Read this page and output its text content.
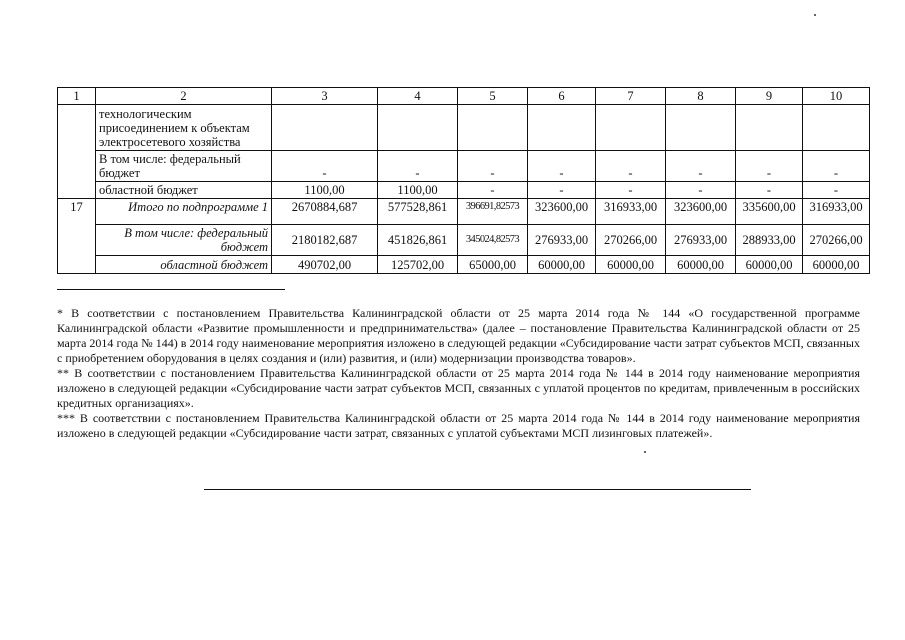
1	2	3	4	5	6	7	8	9	10
	технологическим присоединением к объектам электросетевого хозяйства								
	В том числе: федеральный бюджет	-	-	-	-	-	-	-	-
	областной бюджет	1100,00	1100,00	-	-	-	-	-	-
17	Итого по подпрограмме 1	2670884,687	577528,861	396691,82573	323600,00	316933,00	323600,00	335600,00	316933,00
	В том числе: федеральный бюджет	2180182,687	451826,861	345024,82573	276933,00	270266,00	276933,00	288933,00	270266,00
	областной бюджет	490702,00	125702,00	65000,00	60000,00	60000,00	60000,00	60000,00	60000,00

* В соответствии с постановлением Правительства Калининградской области от 25 марта 2014 года № 144 «О государственной программе Калининградской области «Развитие промышленности и предпринимательства» (далее – постановление Правительства Калининградской области от 25 марта 2014 года № 144) в 2014 году наименование мероприятия изложено в следующей редакции «Субсидирование части затрат субъектов МСП, связанных с приобретением оборудования в целях создания и (или) развития, и (или) модернизации производства товаров».

** В соответствии с постановлением Правительства Калининградской области от 25 марта 2014 года № 144 в 2014 году наименование мероприятия изложено в следующей редакции «Субсидирование части затрат субъектов МСП, связанных с уплатой процентов по кредитам, привлеченным в российских кредитных организациях».

*** В соответствии с постановлением Правительства Калининградской области от 25 марта 2014 года № 144 в 2014 году наименование мероприятия изложено в следующей редакции «Субсидирование части затрат, связанных с уплатой субъектами МСП лизинговых платежей».
